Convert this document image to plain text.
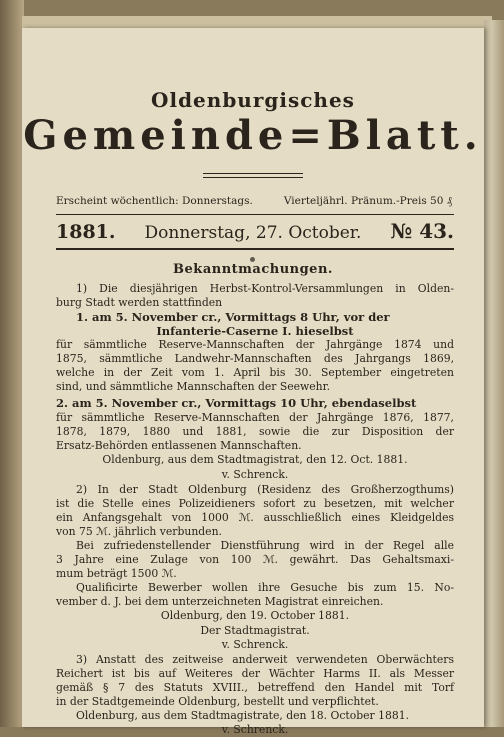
Oldenburgisches
Gemeinde=Blatt.
Erscheint wöchentlich: Donnerstags.	Vierteljährl. Pränum.-Preis 50 ₰
1881. Donnerstag, 27. October. № 43.
Bekanntmachungen.
1) Die diesjährigen Herbst-Kontrol-Versammlungen in Olden-
burg Stadt werden stattfinden
1. am 5. November cr., Vormittags 8 Uhr, vor der
Infanterie-Caserne I. hieselbst
für sämmtliche Reserve-Mannschaften der Jahrgänge 1874 und
1875, sämmtliche Landwehr-Mannschaften des Jahrgangs 1869,
welche in der Zeit vom 1. April bis 30. September eingetreten
sind, und sämmtliche Mannschaften der Seewehr.
2. am 5. November cr., Vormittags 10 Uhr, ebendaselbst
für sämmtliche Reserve-Mannschaften der Jahrgänge 1876, 1877,
1878, 1879, 1880 und 1881, sowie die zur Disposition der
Ersatz-Behörden entlassenen Mannschaften.
Oldenburg, aus dem Stadtmagistrat, den 12. Oct. 1881.
v. Schrenck.
2) In der Stadt Oldenburg (Residenz des Großherzogthums)
ist die Stelle eines Polizeidieners sofort zu besetzen, mit welcher
ein Anfangsgehalt von 1000 ℳ. ausschließlich eines Kleidgeldes
von 75 ℳ. jährlich verbunden.
Bei zufriedenstellender Dienstführung wird in der Regel alle
3 Jahre eine Zulage von 100 ℳ. gewährt. Das Gehaltsmaxi-
mum beträgt 1500 ℳ.
Qualificirte Bewerber wollen ihre Gesuche bis zum 15. No-
vember d. J. bei dem unterzeichneten Magistrat einreichen.
Oldenburg, den 19. October 1881.
Der Stadtmagistrat.
v. Schrenck.
3) Anstatt des zeitweise anderweit verwendeten Oberwächters
Reichert ist bis auf Weiteres der Wächter Harms II. als Messer
gemäß § 7 des Statuts XVIII., betreffend den Handel mit Torf
in der Stadtgemeinde Oldenburg, bestellt und verpflichtet.
Oldenburg, aus dem Stadtmagistrate, den 18. October 1881.
v. Schrenck.
